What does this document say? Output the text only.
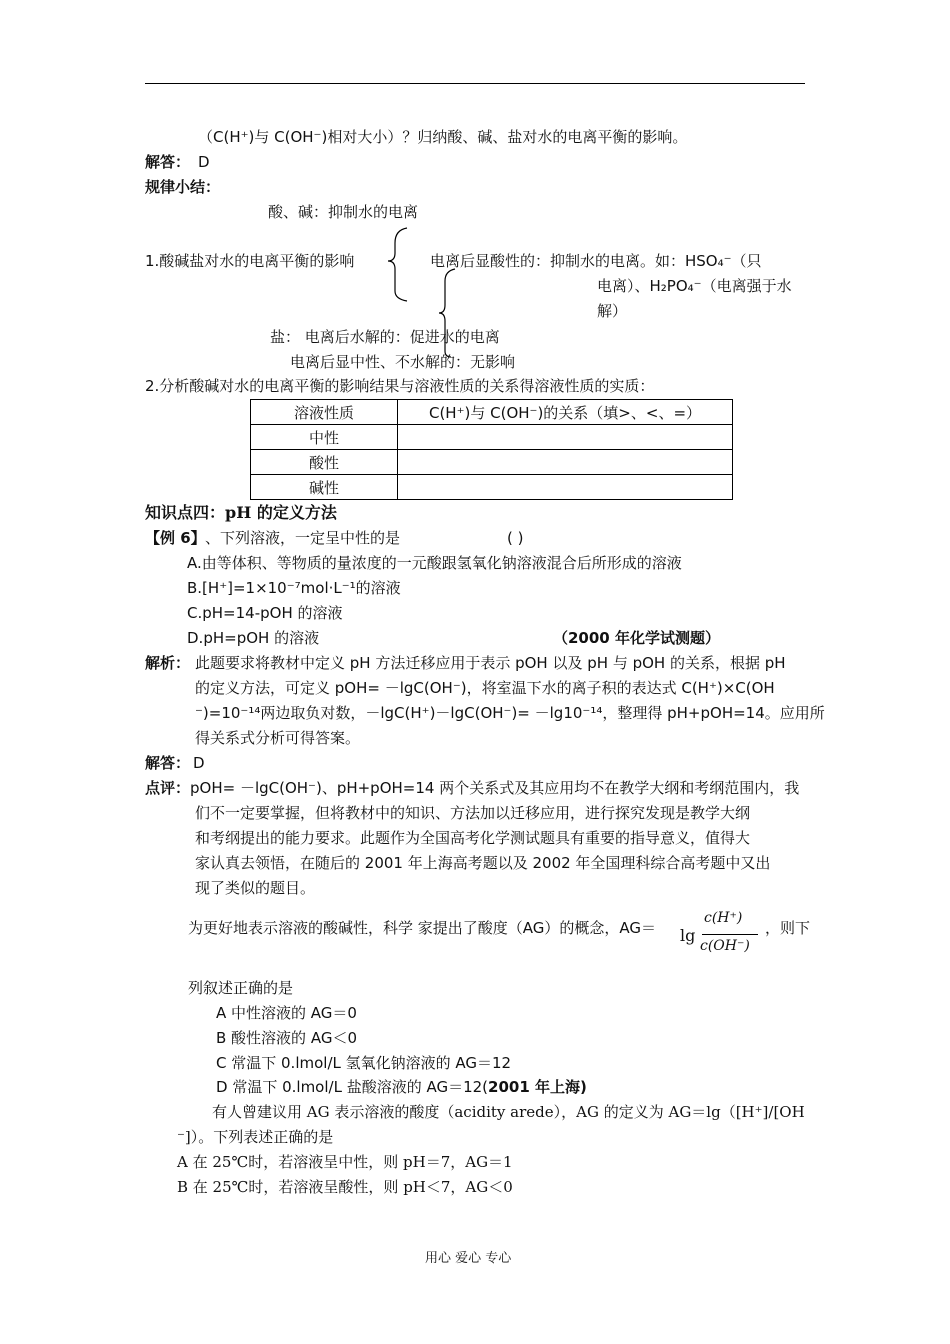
（C(H⁺)与 C(OH⁻)相对大小）？归纳酸、碱、盐对水的电离平衡的影响。
解答： D
规律小结：
酸、碱：抑制水的电离
1.酸碱盐对水的电离平衡的影响	电离后显酸性的：抑制水的电离。如：HSO₄⁻（只
电离）、H₂PO₄⁻（电离强于水
解）
盐： 电离后水解的：促进水的电离
电离后显中性、不水解的：无影响
2.分析酸碱对水的电离平衡的影响结果与溶液性质的关系得溶液性质的实质：
溶液性质	C(H⁺)与 C(OH⁻)的关系（填>、<、=）
中性	
酸性	
碱性	
知识点四：pH 的定义方法
【例 6】 、下列溶液，一定呈中性的是	( )
A.由等体积、等物质的量浓度的一元酸跟氢氧化钠溶液混合后所形成的溶液
B.[H⁺]=1×10⁻⁷mol·L⁻¹的溶液
C.pH=14-pOH 的溶液
D.pH=pOH 的溶液	（2000 年化学试测题）
解析： 此题要求将教材中定义 pH 方法迁移应用于表示 pOH 以及 pH 与 pOH 的关系，根据 pH
的定义方法，可定义 pOH= －lgC(OH⁻)，将室温下水的离子积的表达式 C(H⁺)×C(OH
⁻)=10⁻¹⁴两边取负对数，－lgC(H⁺)－lgC(OH⁻)= －lg10⁻¹⁴，整理得 pH+pOH=14。应用所
得关系式分析可得答案。
解答： D
点评： pOH= －lgC(OH⁻)、pH+pOH=14 两个关系式及其应用均不在教学大纲和考纲范围内，我
们不一定要掌握，但将教材中的知识、方法加以迁移应用，进行探究发现是教学大纲
和考纲提出的能力要求。此题作为全国高考化学测试题具有重要的指导意义，值得大
家认真去领悟，在随后的 2001 年上海高考题以及 2002 年全国理科综合高考题中又出
现了类似的题目。
为更好地表示溶液的酸碱性，科学 家提出了酸度（AG）的概念，AG＝ lg
c(H⁺)
c(OH⁻)
，则下
列叙述正确的是
A 中性溶液的 AG＝0
B 酸性溶液的 AG＜0
C 常温下 0.lmol/L 氢氧化钠溶液的 AG＝12
D 常温下 0.lmol/L 盐酸溶液的 AG＝12(2001 年上海)
有人曾建议用 AG 表示溶液的酸度（acidity arede），AG 的定义为 AG＝lg（[H⁺]/[OH
⁻]）。下列表述正确的是
A 在 25℃时，若溶液呈中性，则 pH＝7，AG＝1
B 在 25℃时，若溶液呈酸性，则 pH＜7，AG＜0
用心 爱心 专心
